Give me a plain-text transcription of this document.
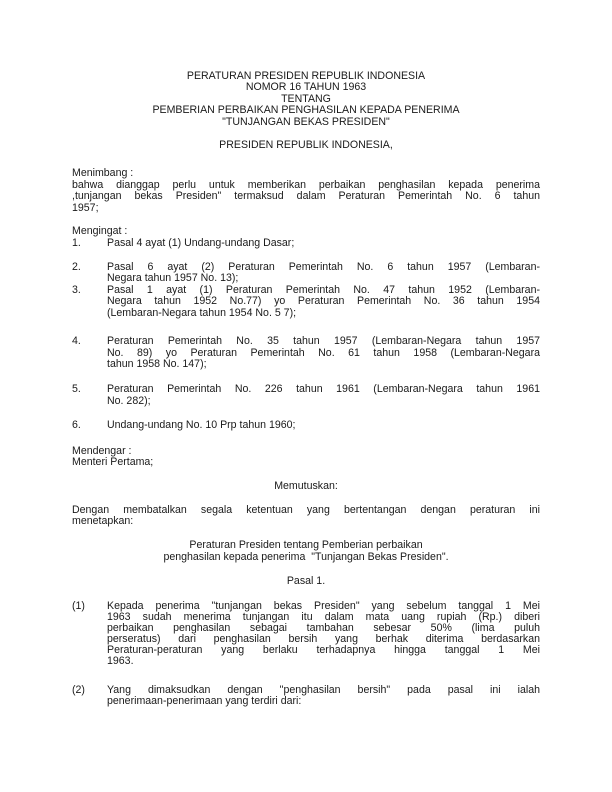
PERATURAN PRESIDEN REPUBLIK INDONESIA
NOMOR 16 TAHUN 1963
TENTANG
PEMBERIAN PERBAIKAN PENGHASILAN KEPADA PENERIMA
"TUNJANGAN BEKAS PRESIDEN"
PRESIDEN REPUBLIK INDONESIA,
Menimbang :
bahwa dianggap perlu untuk memberikan perbaikan penghasilan kepada penerima
,tunjangan bekas Presiden" termaksud dalam Peraturan Pemerintah No. 6 tahun
1957;
Mengingat :
1. Pasal 4 ayat (1) Undang-undang Dasar;
2. Pasal 6 ayat (2) Peraturan Pemerintah No. 6 tahun 1957 (Lembaran-
Negara tahun 1957 No. 13);
3. Pasal 1 ayat (1) Peraturan Pemerintah No. 47 tahun 1952 (Lembaran-
Negara tahun 1952 No.77) yo Peraturan Pemerintah No. 36 tahun 1954
(Lembaran-Negara tahun 1954 No. 5 7);
4. Peraturan Pemerintah No. 35 tahun 1957 (Lembaran-Negara tahun 1957
No. 89) yo Peraturan Pemerintah No. 61 tahun 1958 (Lembaran-Negara
tahun 1958 No. 147);
5. Peraturan Pemerintah No. 226 tahun 1961 (Lembaran-Negara tahun 1961
No. 282);
6. Undang-undang No. 10 Prp tahun 1960;
Mendengar :
Menteri Pertama;
Memutuskan:
Dengan membatalkan segala ketentuan yang bertentangan dengan peraturan ini
menetapkan:
Peraturan Presiden tentang Pemberian perbaikan
penghasilan kepada penerima  "Tunjangan Bekas Presiden".
Pasal 1.
(1) Kepada penerima "tunjangan bekas Presiden" yang sebelum tanggal 1 Mei
1963 sudah menerima tunjangan itu dalam mata uang rupiah (Rp.) diberi
perbaikan penghasilan sebagai tambahan sebesar 50% (lima puluh
perseratus) dari penghasilan bersih yang berhak diterima berdasarkan
Peraturan-peraturan yang berlaku terhadapnya hingga tanggal 1 Mei
1963.
(2) Yang dimaksudkan dengan "penghasilan bersih" pada pasal ini ialah
penerimaan-penerimaan yang terdiri dari:
